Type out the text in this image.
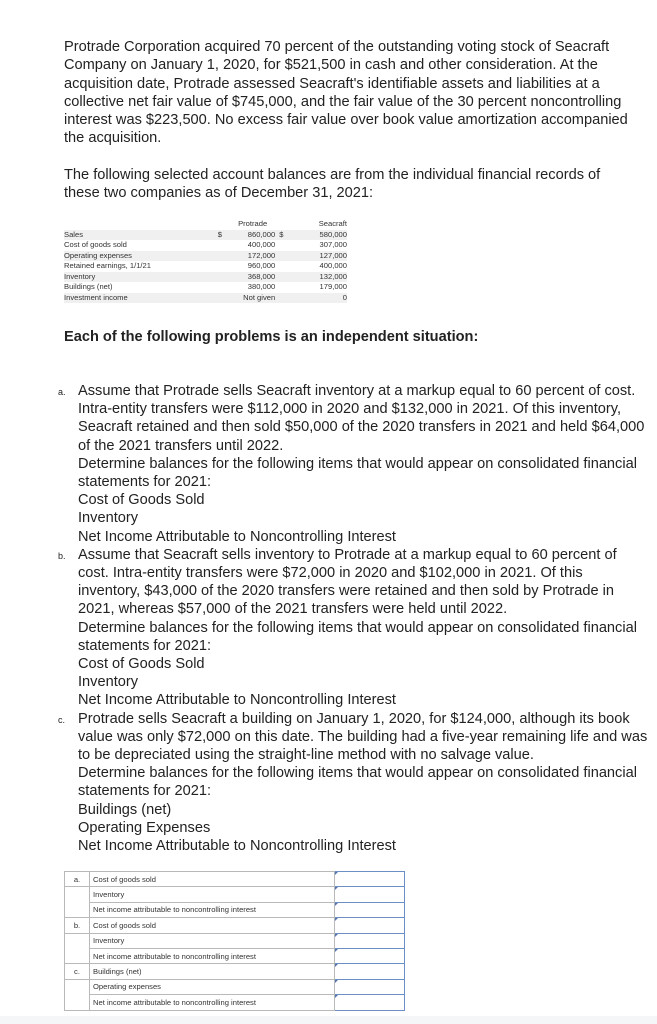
Protrade Corporation acquired 70 percent of the outstanding voting stock of Seacraft Company on January 1, 2020, for $521,500 in cash and other consideration. At the acquisition date, Protrade assessed Seacraft's identifiable assets and liabilities at a collective net fair value of $745,000, and the fair value of the 30 percent noncontrolling interest was $223,500. No excess fair value over book value amortization accompanied the acquisition.

The following selected account balances are from the individual financial records of these two companies as of December 31, 2021:

		Protrade		Seacraft
Sales	$	860,000	$	580,000
Cost of goods sold		400,000		307,000
Operating expenses		172,000		127,000
Retained earnings, 1/1/21		960,000		400,000
Inventory		368,000		132,000
Buildings (net)		380,000		179,000
Investment income		Not given		0

Each of the following problems is an independent situation:

a. Assume that Protrade sells Seacraft inventory at a markup equal to 60 percent of cost. Intra-entity transfers were $112,000 in 2020 and $132,000 in 2021. Of this inventory, Seacraft retained and then sold $50,000 of the 2020 transfers in 2021 and held $64,000 of the 2021 transfers until 2022.
Determine balances for the following items that would appear on consolidated financial statements for 2021:
Cost of Goods Sold
Inventory
Net Income Attributable to Noncontrolling Interest
b. Assume that Seacraft sells inventory to Protrade at a markup equal to 60 percent of cost. Intra-entity transfers were $72,000 in 2020 and $102,000 in 2021. Of this inventory, $43,000 of the 2020 transfers were retained and then sold by Protrade in 2021, whereas $57,000 of the 2021 transfers were held until 2022.
Determine balances for the following items that would appear on consolidated financial statements for 2021:
Cost of Goods Sold
Inventory
Net Income Attributable to Noncontrolling Interest
c. Protrade sells Seacraft a building on January 1, 2020, for $124,000, although its book value was only $72,000 on this date. The building had a five-year remaining life and was to be depreciated using the straight-line method with no salvage value.
Determine balances for the following items that would appear on consolidated financial statements for 2021:
Buildings (net)
Operating Expenses
Net Income Attributable to Noncontrolling Interest
a.	Cost of goods sold	

	Inventory	

	Net income attributable to noncontrolling interest	

b.	Cost of goods sold	

	Inventory	

	Net income attributable to noncontrolling interest	

c.	Buildings (net)	

	Operating expenses	

	Net income attributable to noncontrolling interest	
